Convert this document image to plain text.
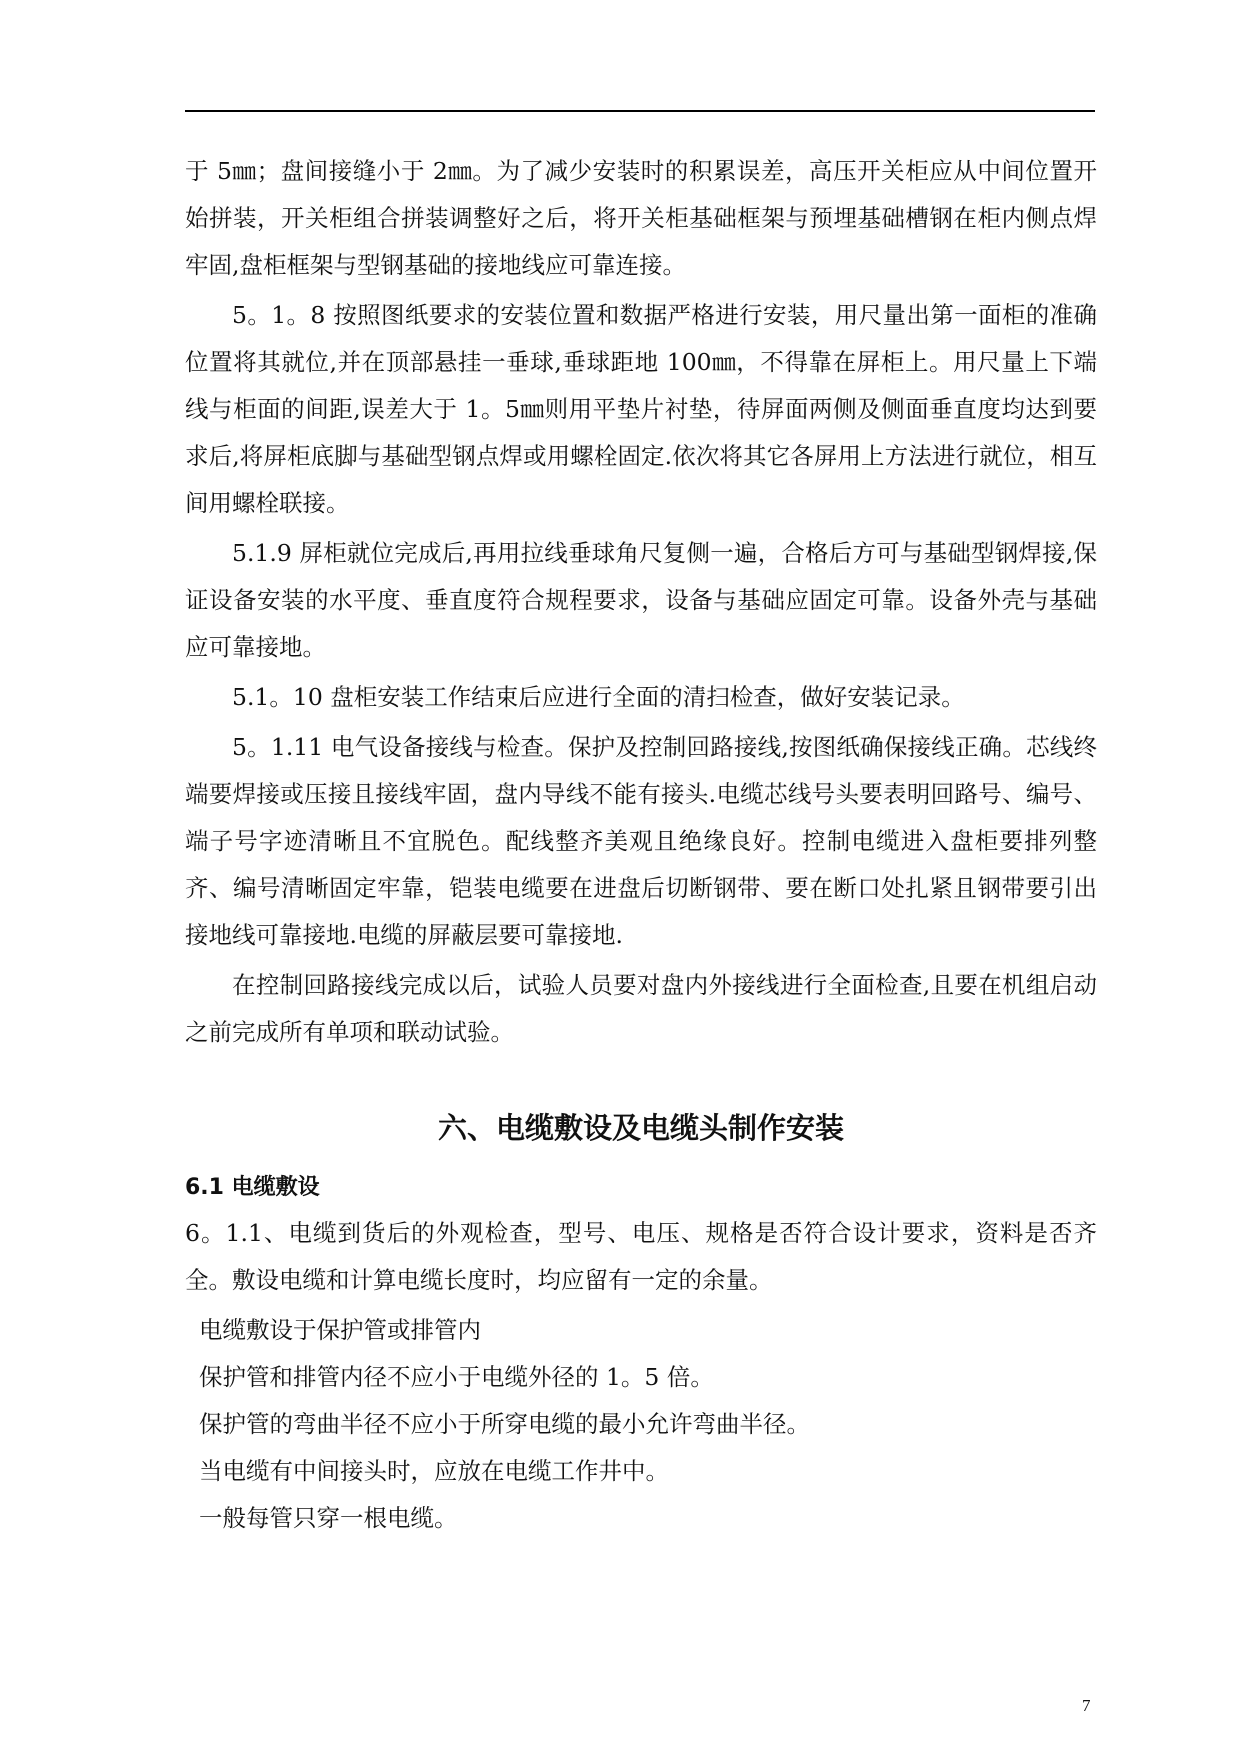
于 5㎜；盘间接缝小于 2㎜。为了减少安装时的积累误差，高压开关柜应从中间位置开始拼装，开关柜组合拼装调整好之后，将开关柜基础框架与预埋基础槽钢在柜内侧点焊牢固,盘柜框架与型钢基础的接地线应可靠连接。

5。1。8 按照图纸要求的安装位置和数据严格进行安装，用尺量出第一面柜的准确位置将其就位,并在顶部悬挂一垂球,垂球距地 100㎜，不得靠在屏柜上。用尺量上下端线与柜面的间距,误差大于 1。5㎜则用平垫片衬垫，待屏面两侧及侧面垂直度均达到要求后,将屏柜底脚与基础型钢点焊或用螺栓固定.依次将其它各屏用上方法进行就位，相互间用螺栓联接。

5.1.9 屏柜就位完成后,再用拉线垂球角尺复侧一遍，合格后方可与基础型钢焊接,保证设备安装的水平度、垂直度符合规程要求，设备与基础应固定可靠。设备外壳与基础应可靠接地。

5.1。10 盘柜安装工作结束后应进行全面的清扫检查，做好安装记录。

5。1.11 电气设备接线与检查。保护及控制回路接线,按图纸确保接线正确。芯线终端要焊接或压接且接线牢固，盘内导线不能有接头.电缆芯线号头要表明回路号、编号、端子号字迹清晰且不宜脱色。配线整齐美观且绝缘良好。控制电缆进入盘柜要排列整齐、编号清晰固定牢靠，铠装电缆要在进盘后切断钢带、要在断口处扎紧且钢带要引出接地线可靠接地.电缆的屏蔽层要可靠接地.

在控制回路接线完成以后，试验人员要对盘内外接线进行全面检查,且要在机组启动之前完成所有单项和联动试验。

六、电缆敷设及电缆头制作安装
6.1 电缆敷设

6。1.1、电缆到货后的外观检查，型号、电压、规格是否符合设计要求，资料是否齐全。敷设电缆和计算电缆长度时，均应留有一定的余量。

电缆敷设于保护管或排管内
保护管和排管内径不应小于电缆外径的 1。5 倍。
保护管的弯曲半径不应小于所穿电缆的最小允许弯曲半径。
当电缆有中间接头时，应放在电缆工作井中。
一般每管只穿一根电缆。
7
